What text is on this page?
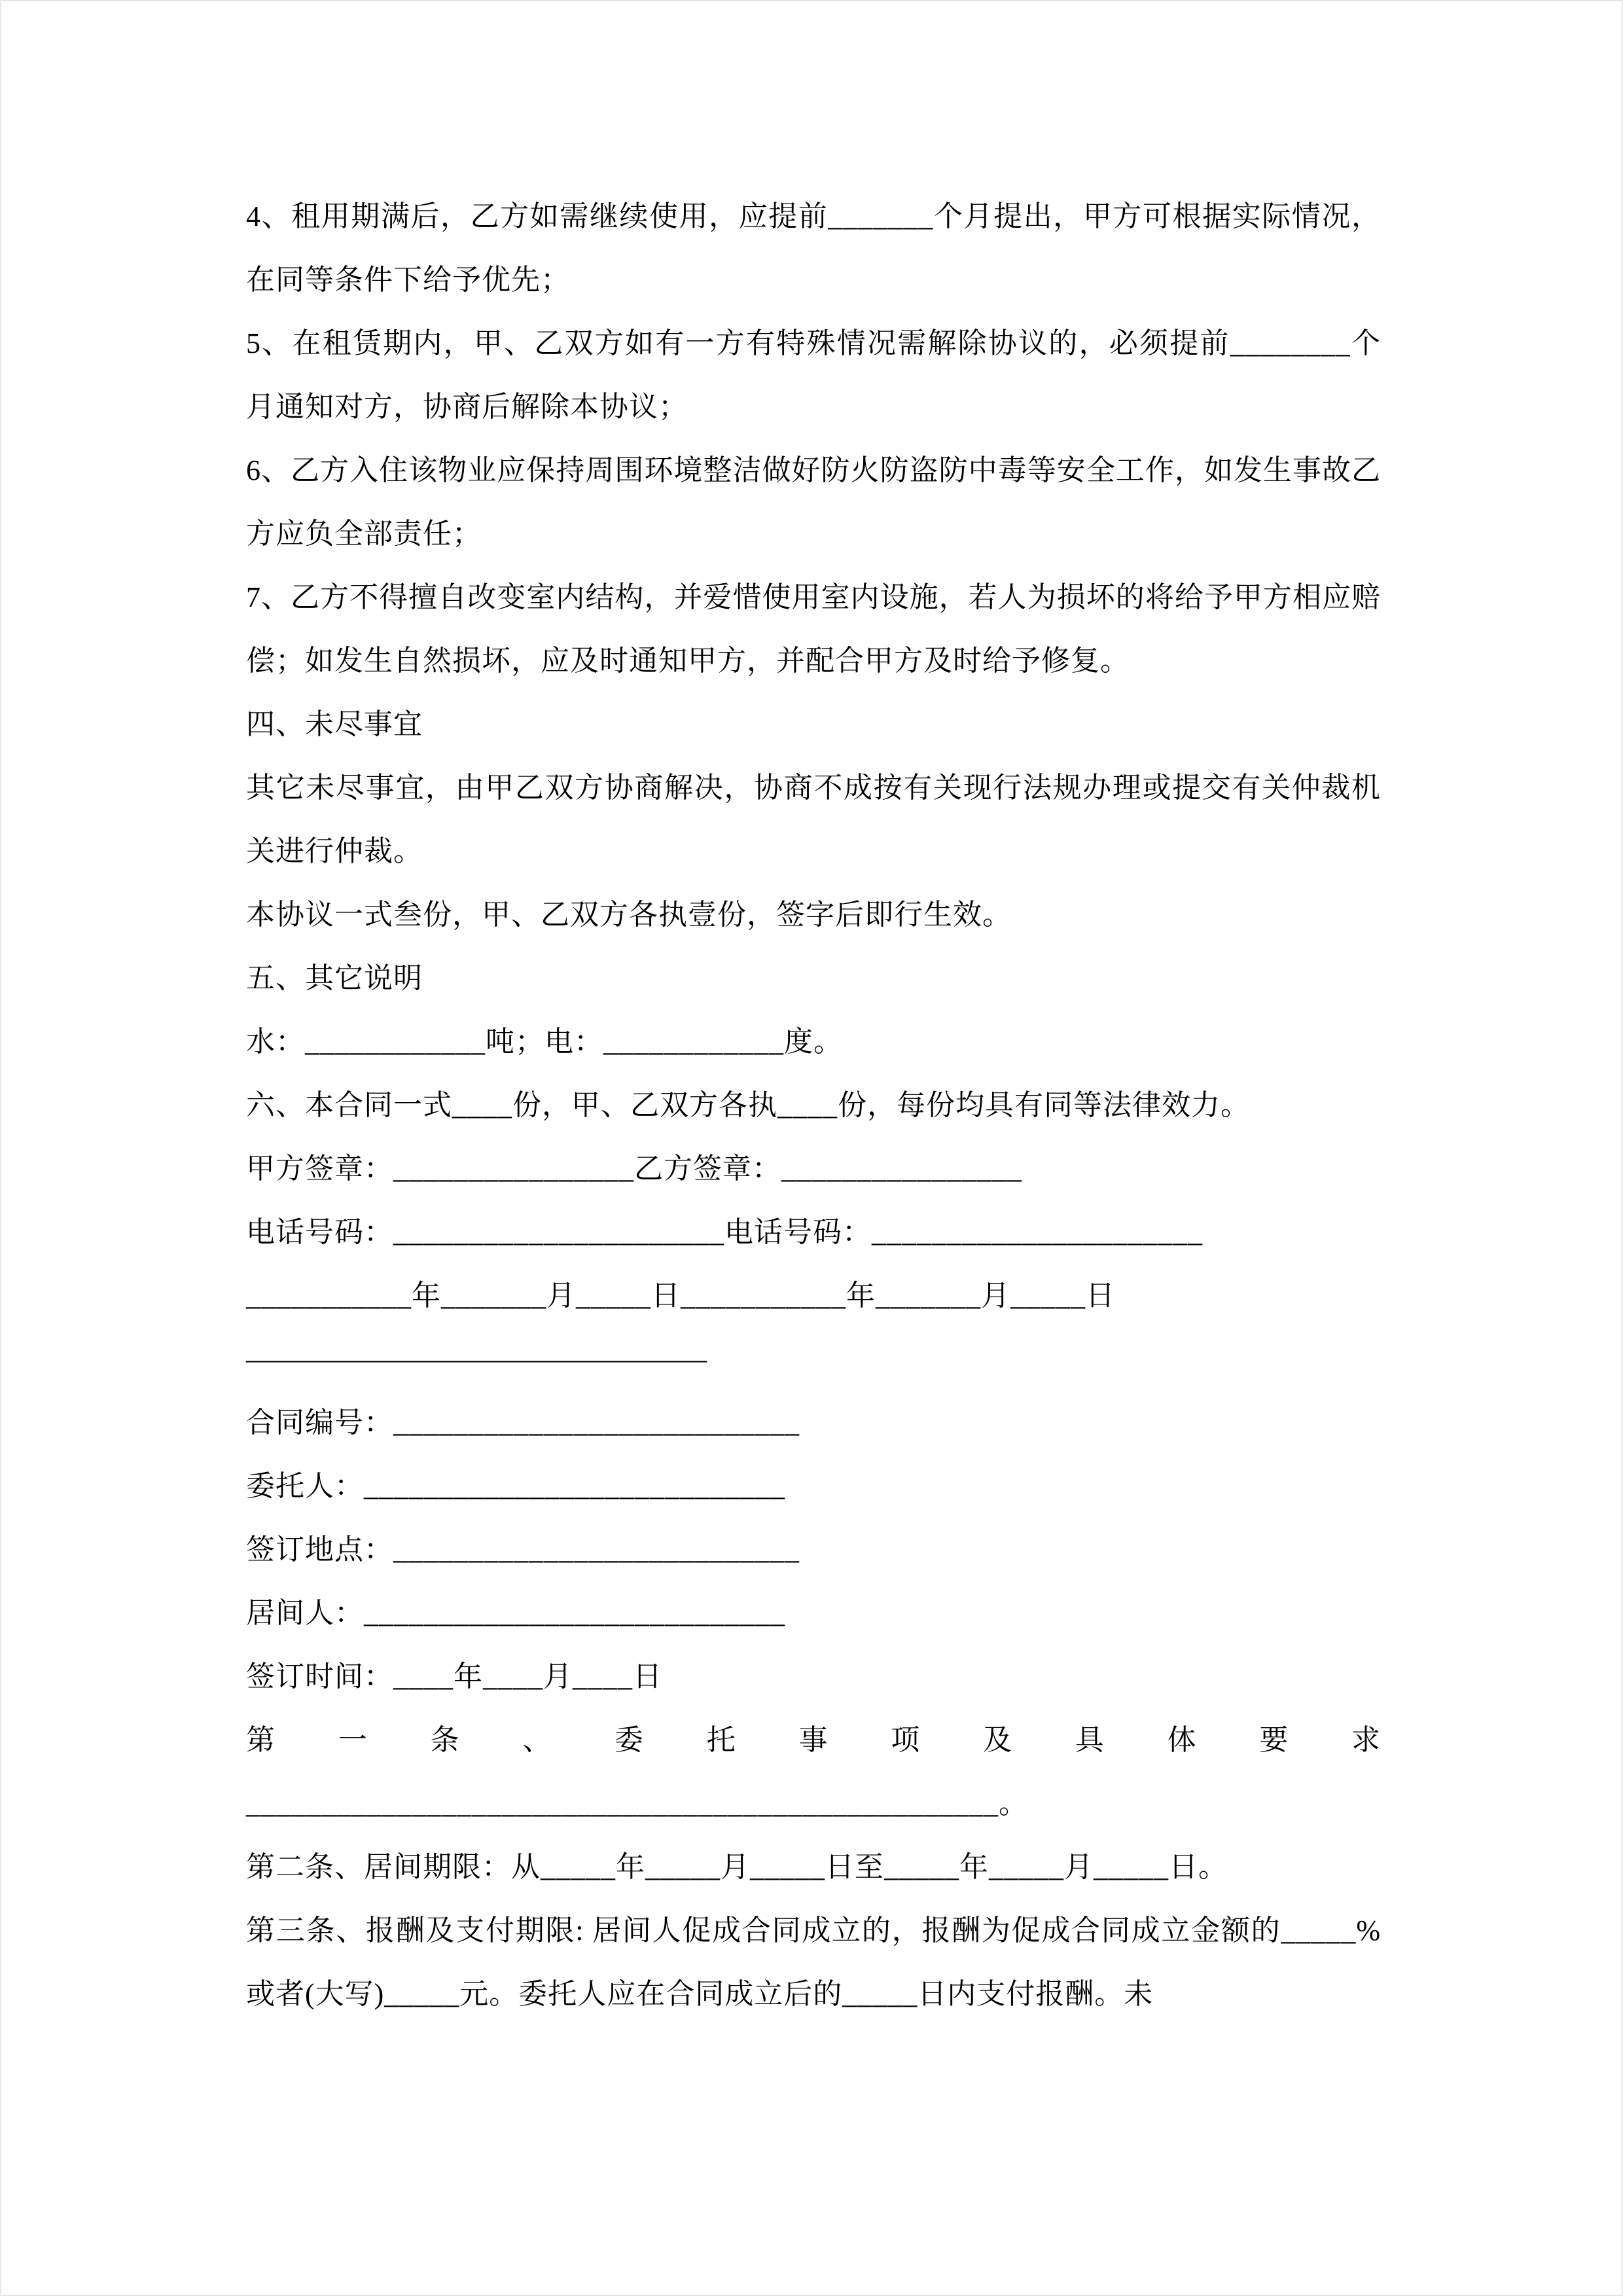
4、租用期满后，乙方如需继续使用，应提前_______个月提出，甲方可根据实际情况，在同等条件下给予优先；

5、在租赁期内，甲、乙双方如有一方有特殊情况需解除协议的，必须提前________个月通知对方，协商后解除本协议；

6、乙方入住该物业应保持周围环境整洁做好防火防盗防中毒等安全工作，如发生事故乙方应负全部责任；

7、乙方不得擅自改变室内结构，并爱惜使用室内设施，若人为损坏的将给予甲方相应赔偿；如发生自然损坏，应及时通知甲方，并配合甲方及时给予修复。

四、未尽事宜

其它未尽事宜，由甲乙双方协商解决，协商不成按有关现行法规办理或提交有关仲裁机关进行仲裁。

本协议一式叁份，甲、乙双方各执壹份，签字后即行生效。

五、其它说明

水：____________吨；电：____________度。

六、本合同一式____份，甲、乙双方各执____份，每份均具有同等法律效力。

甲方签章：________________乙方签章：________________

电话号码：______________________电话号码：______________________

___________年_______月_____日___________年_______月_____日

————————————————

合同编号：___________________________

委托人：____________________________

签订地点：___________________________

居间人：____________________________

签订时间：____年____月____日

第 一 条 、 委 托 事 项 及 具 体 要 求

__________________________________________________。

第二条、居间期限：从_____年_____月_____日至_____年_____月_____日。

第三条、报酬及支付期限: 居间人促成合同成立的，报酬为促成合同成立金额的_____%或者(大写)_____元。委托人应在合同成立后的_____日内支付报酬。未
